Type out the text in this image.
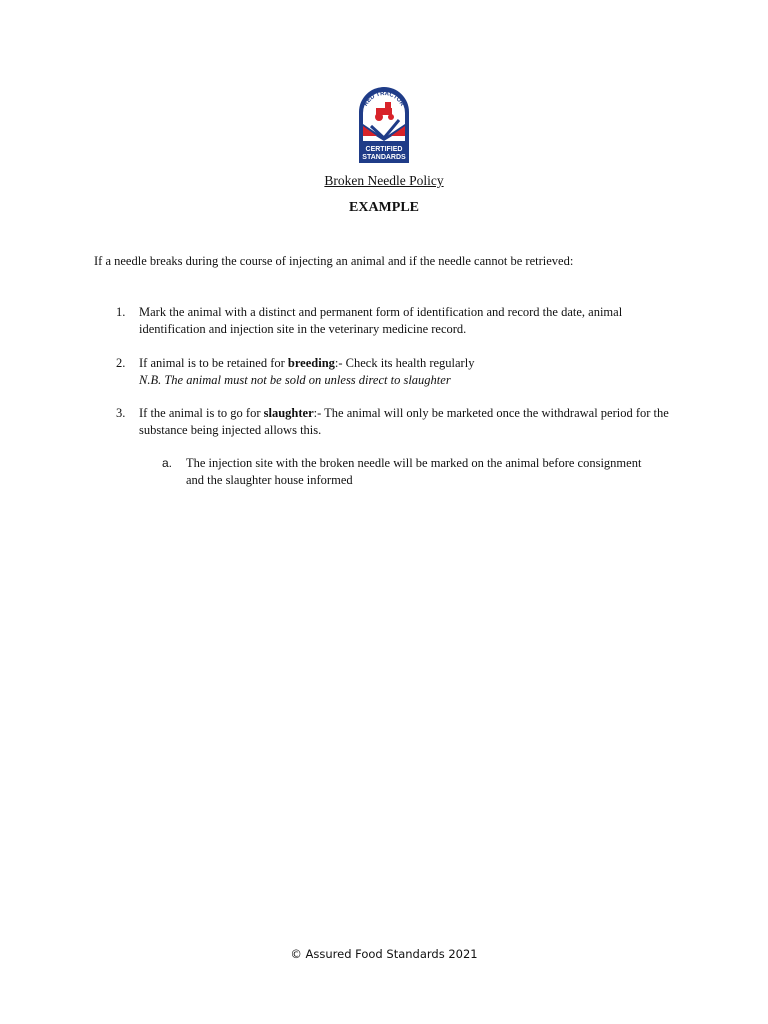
RED TRACTOR
CERTIFIED
STANDARDS
Broken Needle Policy
EXAMPLE
If a needle breaks during the course of injecting an animal and if the needle cannot be retrieved:
1.	Mark the animal with a distinct and permanent form of identification and record the date, animal identification and injection site in the veterinary medicine record.
2.	If animal is to be retained for breeding:- Check its health regularly
N.B. The animal must not be sold on unless direct to slaughter
3.	If the animal is to go for slaughter:- The animal will only be marketed once the withdrawal period for the substance being injected allows this.
a. The injection site with the broken needle will be marked on the animal before consignment and the slaughter house informed
© Assured Food Standards 2021
